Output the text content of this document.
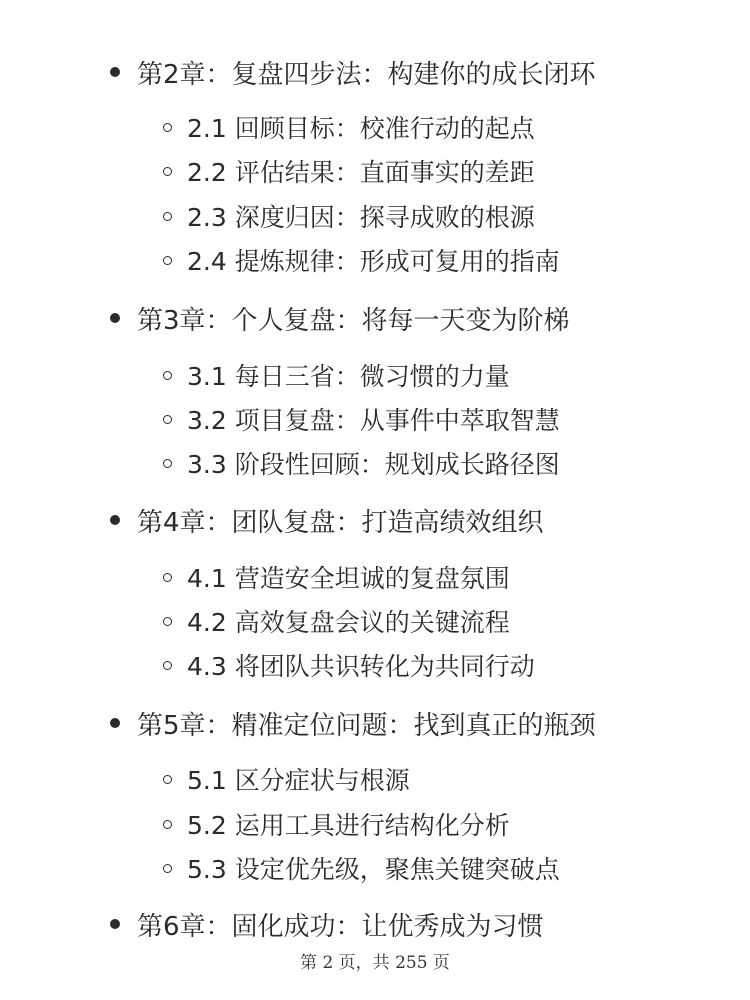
第2章：复盘四步法：构建你的成长闭环
2.1 回顾目标：校准行动的起点
2.2 评估结果：直面事实的差距
2.3 深度归因：探寻成败的根源
2.4 提炼规律：形成可复用的指南
第3章：个人复盘：将每一天变为阶梯
3.1 每日三省：微习惯的力量
3.2 项目复盘：从事件中萃取智慧
3.3 阶段性回顾：规划成长路径图
第4章：团队复盘：打造高绩效组织
4.1 营造安全坦诚的复盘氛围
4.2 高效复盘会议的关键流程
4.3 将团队共识转化为共同行动
第5章：精准定位问题：找到真正的瓶颈
5.1 区分症状与根源
5.2 运用工具进行结构化分析
5.3 设定优先级，聚焦关键突破点
第6章：固化成功：让优秀成为习惯
第 2 页，共 255 页
